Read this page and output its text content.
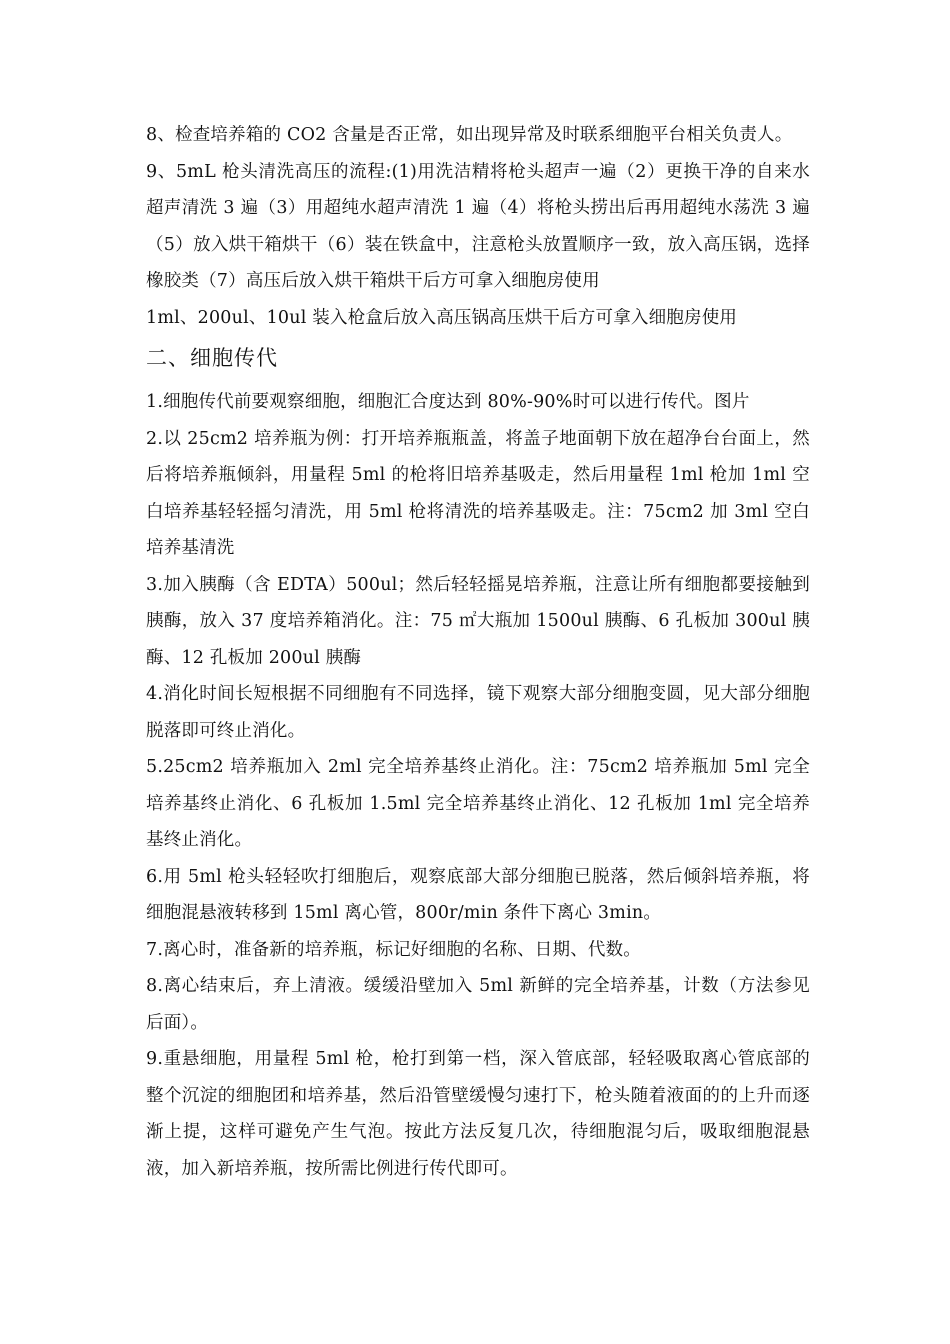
8、检查培养箱的 CO2 含量是否正常，如出现异常及时联系细胞平台相关负责人。

9、5mL 枪头清洗高压的流程:(1)用洗洁精将枪头超声一遍（2）更换干净的自来水超声清洗 3 遍（3）用超纯水超声清洗 1 遍（4）将枪头捞出后再用超纯水荡洗 3 遍（5）放入烘干箱烘干（6）装在铁盒中，注意枪头放置顺序一致，放入高压锅，选择橡胶类（7）高压后放入烘干箱烘干后方可拿入细胞房使用

1ml、200ul、10ul 装入枪盒后放入高压锅高压烘干后方可拿入细胞房使用

二、细胞传代

1.细胞传代前要观察细胞，细胞汇合度达到 80%-90%时可以进行传代。图片

2.以 25cm2 培养瓶为例：打开培养瓶瓶盖，将盖子地面朝下放在超净台台面上，然后将培养瓶倾斜，用量程 5ml 的枪将旧培养基吸走，然后用量程 1ml 枪加 1ml 空白培养基轻轻摇匀清洗，用 5ml 枪将清洗的培养基吸走。注：75cm2 加 3ml 空白培养基清洗

3.加入胰酶（含 EDTA）500ul；然后轻轻摇晃培养瓶，注意让所有细胞都要接触到胰酶，放入 37 度培养箱消化。注：75 ㎡大瓶加 1500ul 胰酶、6 孔板加 300ul 胰酶、12 孔板加 200ul 胰酶

4.消化时间长短根据不同细胞有不同选择，镜下观察大部分细胞变圆，见大部分细胞脱落即可终止消化。

5.25cm2 培养瓶加入 2ml 完全培养基终止消化。注：75cm2 培养瓶加 5ml 完全培养基终止消化、6 孔板加 1.5ml 完全培养基终止消化、12 孔板加 1ml 完全培养基终止消化。

6.用 5ml 枪头轻轻吹打细胞后，观察底部大部分细胞已脱落，然后倾斜培养瓶，将细胞混悬液转移到 15ml 离心管，800r/min 条件下离心 3min。

7.离心时，准备新的培养瓶，标记好细胞的名称、日期、代数。

8.离心结束后，弃上清液。缓缓沿壁加入 5ml 新鲜的完全培养基，计数（方法参见后面）。

9.重悬细胞，用量程 5ml 枪，枪打到第一档，深入管底部，轻轻吸取离心管底部的整个沉淀的细胞团和培养基，然后沿管壁缓慢匀速打下，枪头随着液面的的上升而逐渐上提，这样可避免产生气泡。按此方法反复几次，待细胞混匀后，吸取细胞混悬液，加入新培养瓶，按所需比例进行传代即可。
